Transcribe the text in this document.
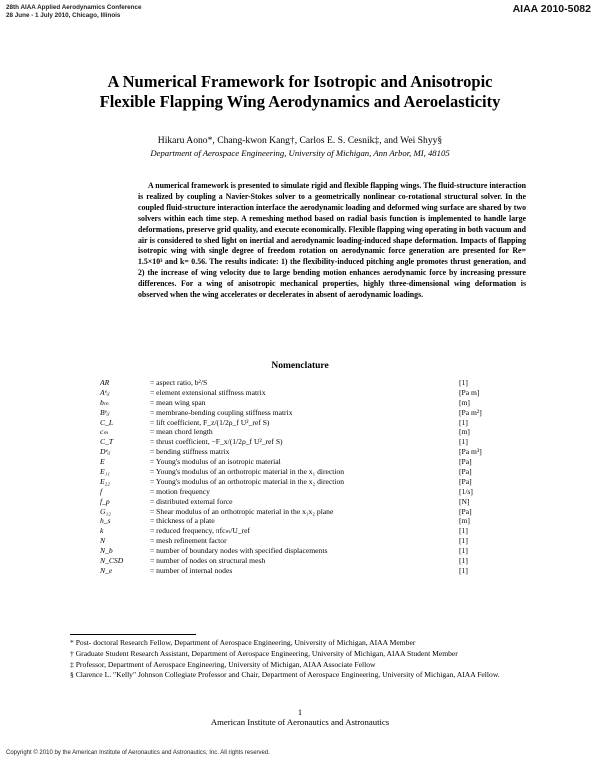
28th AIAA Applied Aerodynamics Conference
28 June - 1 July 2010, Chicago, Illinois	AIAA 2010-5082
A Numerical Framework for Isotropic and Anisotropic
Flexible Flapping Wing Aerodynamics and Aeroelasticity
Hikaru Aono*, Chang-kwon Kang†, Carlos E. S. Cesnik‡, and Wei Shyy§
Department of Aerospace Engineering, University of Michigan, Ann Arbor, MI, 48105

A numerical framework is presented to simulate rigid and flexible flapping wings. The fluid-structure interaction is realized by coupling a Navier-Stokes solver to a geometrically nonlinear co-rotational structural solver. In the coupled fluid-structure interaction interface the aerodynamic loading and deformed wing surface are shared by two solvers within each time step. A remeshing method based on radial basis function is implemented to handle large deformations, preserve grid quality, and execute economically. Flexible flapping wing operating in both vacuum and air is considered to shed light on inertial and aerodynamic loading-induced shape deformation. Impacts of flapping isotropic wing with single degree of freedom rotation on aerodynamic force generation are presented for Re= 1.5×10³ and k= 0.56. The results indicate: 1) the flexibility-induced pitching angle promotes thrust generation, and 2) the increase of wing velocity due to large bending motion enhances aerodynamic force by increasing pressure differences. For a wing of anisotropic mechanical properties, highly three-dimensional wing deformation is observed when the wing accelerates or decelerates in absent of aerodynamic loadings.

Nomenclature
AR	= aspect ratio, b²/S	[1]
Aᵉᵢⱼ	= element extensional stiffness matrix	[Pa m]
bₘ	= mean wing span	[m]
Bᵉᵢⱼ	= membrane-bending coupling stiffness matrix	[Pa m²]
C_L	= lift coefficient, F_z/(1/2ρ_f U²_ref S)	[1]
cₘ	= mean chord length	[m]
C_T	= thrust coefficient, −F_x/(1/2ρ_f U²_ref S)	[1]
Dᵉᵢⱼ	= bending stiffness matrix	[Pa m³]
E	= Young's modulus of an isotropic material	[Pa]
E₁₁	= Young's modulus of an orthotropic material in the x₁ direction	[Pa]
E₂₂	= Young's modulus of an orthotropic material in the x₂ direction	[Pa]
f	= motion frequency	[1/s]
f_p	= distributed external force	[N]
G₁₂	= Shear modulus of an orthotropic material in the x₁x₂ plane	[Pa]
h_s	= thickness of a plate	[m]
k	= reduced frequency, πfcₘ/U_ref	[1]
N	= mesh refinement factor	[1]
N_b	= number of boundary nodes with specified displacements	[1]
N_CSD	= number of nodes on structural mesh	[1]
N_e	= number of internal nodes	[1]

* Post- doctoral Research Fellow, Department of Aerospace Engineering, University of Michigan, AIAA Member

† Graduate Student Research Assistant, Department of Aerospace Engineering, University of Michigan, AIAA Student Member

‡ Professor, Department of Aerospace Engineering, University of Michigan, AIAA Associate Fellow

§ Clarence L. "Kelly" Johnson Collegiate Professor and Chair, Department of Aerospace Engineering, University of Michigan, AIAA Fellow.

1
American Institute of Aeronautics and Astronautics
Copyright © 2010 by the American Institute of Aeronautics and Astronautics, Inc. All rights reserved.
